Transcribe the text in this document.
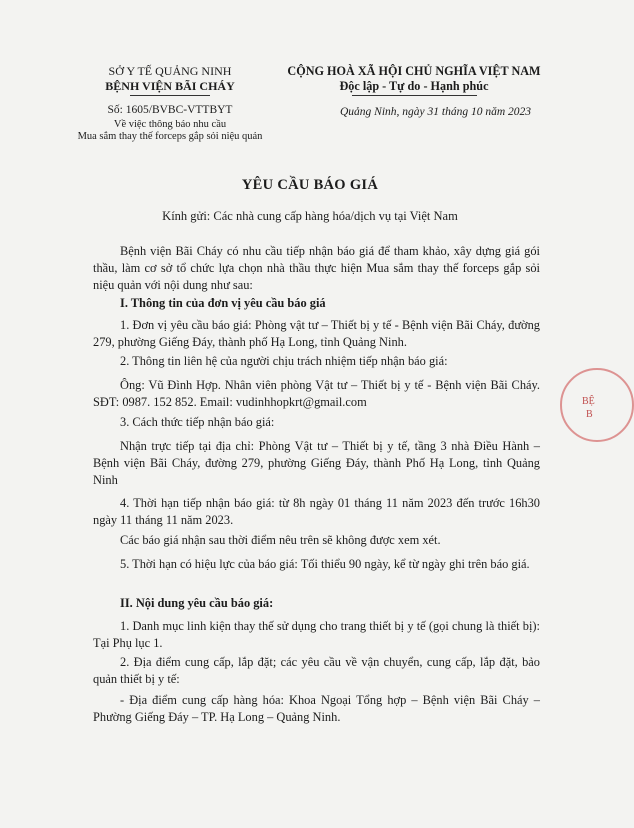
SỞ Y TẾ QUẢNG NINH
BỆNH VIỆN BÃI CHÁY
Số: 1605/BVBC-VTTBYT
Về việc thông báo nhu cầu
Mua sắm thay thế forceps gắp sỏi niệu quản
CỘNG HOÀ XÃ HỘI CHỦ NGHĨA VIỆT NAM
Độc lập - Tự do - Hạnh phúc
Quảng Ninh, ngày 31 tháng 10 năm 2023
YÊU CẦU BÁO GIÁ
Kính gửi: Các nhà cung cấp hàng hóa/dịch vụ tại Việt Nam
Bệnh viện Bãi Cháy có nhu cầu tiếp nhận báo giá để tham khảo, xây dựng giá gói thầu, làm cơ sở tổ chức lựa chọn nhà thầu thực hiện Mua sắm thay thế forceps gắp sỏi niệu quản với nội dung như sau:
I. Thông tin của đơn vị yêu cầu báo giá
1. Đơn vị yêu cầu báo giá: Phòng vật tư – Thiết bị y tế - Bệnh viện Bãi Cháy, đường 279, phường Giếng Đáy, thành phố Hạ Long, tỉnh Quảng Ninh.
2. Thông tin liên hệ của người chịu trách nhiệm tiếp nhận báo giá:
Ông: Vũ Đình Hợp. Nhân viên phòng Vật tư – Thiết bị y tế - Bệnh viện Bãi Cháy. SĐT: 0987. 152 852. Email: vudinhhopkrt@gmail.com
3. Cách thức tiếp nhận báo giá:
Nhận trực tiếp tại địa chỉ: Phòng Vật tư – Thiết bị y tế, tầng 3 nhà Điều Hành – Bệnh viện Bãi Cháy, đường 279, phường Giếng Đáy, thành Phố Hạ Long, tỉnh Quảng Ninh
4. Thời hạn tiếp nhận báo giá: từ 8h ngày 01 tháng 11 năm 2023 đến trước 16h30 ngày 11 tháng 11 năm 2023.
Các báo giá nhận sau thời điểm nêu trên sẽ không được xem xét.
5. Thời hạn có hiệu lực của báo giá: Tối thiểu 90 ngày, kể từ ngày ghi trên báo giá.
II. Nội dung yêu cầu báo giá:
1. Danh mục linh kiện thay thế sử dụng cho trang thiết bị y tế (gọi chung là thiết bị): Tại Phụ lục 1.
2. Địa điểm cung cấp, lắp đặt; các yêu cầu về vận chuyển, cung cấp, lắp đặt, bảo quản thiết bị y tế:
- Địa điểm cung cấp hàng hóa: Khoa Ngoại Tổng hợp – Bệnh viện Bãi Cháy – Phường Giếng Đáy – TP. Hạ Long – Quảng Ninh.
BỆ
B
